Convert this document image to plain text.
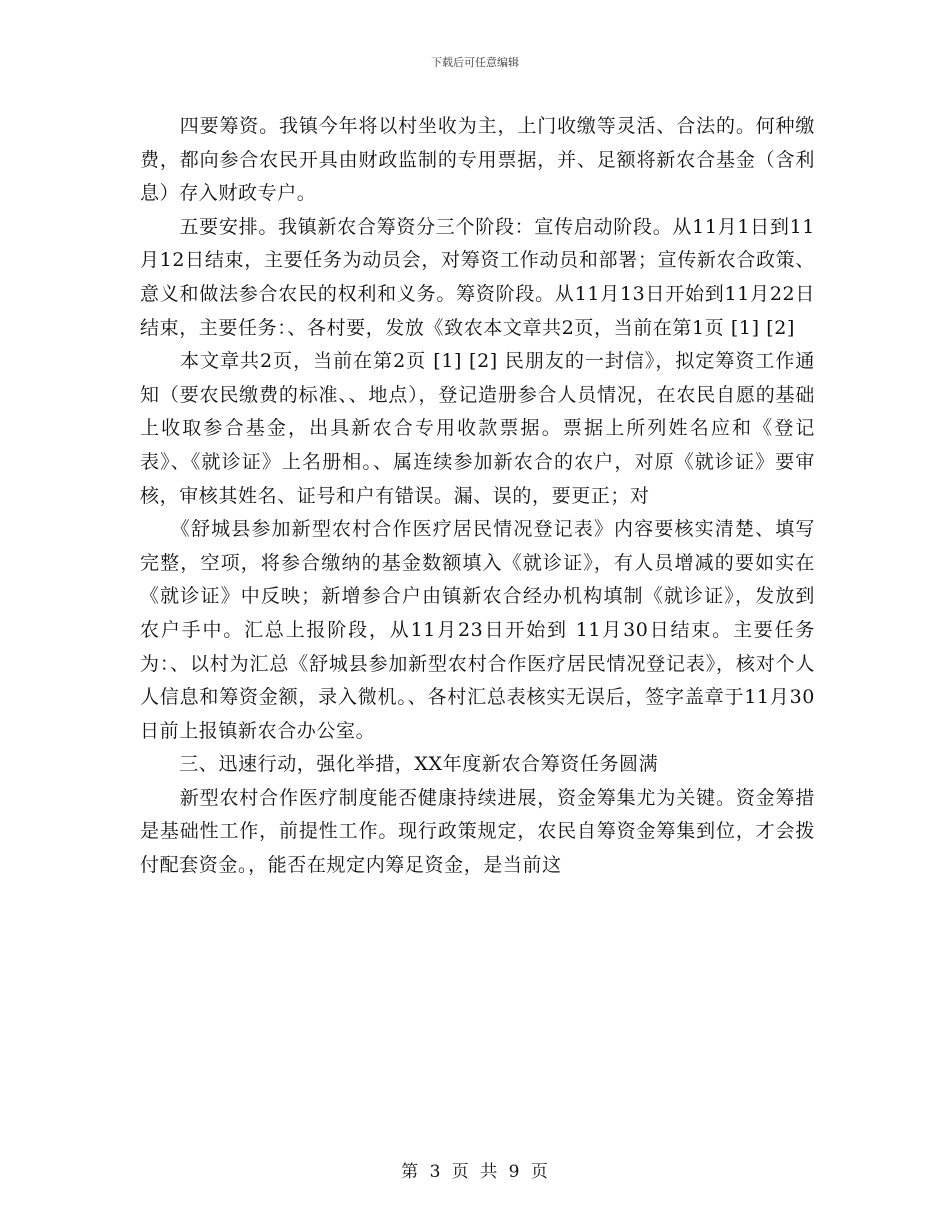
下载后可任意编辑

　　四要筹资。我镇今年将以村坐收为主，上门收缴等灵活、合法的。何种缴费，都向参合农民开具由财政监制的专用票据，并、足额将新农合基金（含利息）存入财政专户。

　　五要安排。我镇新农合筹资分三个阶段：宣传启动阶段。从11月1日到11月12日结束，主要任务为动员会，对筹资工作动员和部署；宣传新农合政策、意义和做法参合农民的权利和义务。筹资阶段。从11月13日开始到11月22日结束，主要任务：、各村要，发放《致农本文章共2页，当前在第1页 [1] [2]

　　本文章共2页，当前在第2页 [1] [2] 民朋友的一封信》，拟定筹资工作通知（要农民缴费的标准、、地点），登记造册参合人员情况，在农民自愿的基础上收取参合基金，出具新农合专用收款票据。票据上所列姓名应和《登记表》、《就诊证》上名册相。、属连续参加新农合的农户，对原《就诊证》要审核，审核其姓名、证号和户有错误。漏、误的，要更正；对

　　《舒城县参加新型农村合作医疗居民情况登记表》内容要核实清楚、填写完整，空项，将参合缴纳的基金数额填入《就诊证》，有人员增减的要如实在《就诊证》中反映；新增参合户由镇新农合经办机构填制《就诊证》，发放到农户手中。汇总上报阶段，从11月23日开始到 11月30日结束。主要任务为：、以村为汇总《舒城县参加新型农村合作医疗居民情况登记表》，核对个人人信息和筹资金额，录入微机。、各村汇总表核实无误后，签字盖章于11月30日前上报镇新农合办公室。

　　三、迅速行动，强化举措，XX年度新农合筹资任务圆满

　　新型农村合作医疗制度能否健康持续进展，资金筹集尤为关键。资金筹措是基础性工作，前提性工作。现行政策规定，农民自筹资金筹集到位，才会拨付配套资金。，能否在规定内筹足资金，是当前这

第 3 页 共 9 页
